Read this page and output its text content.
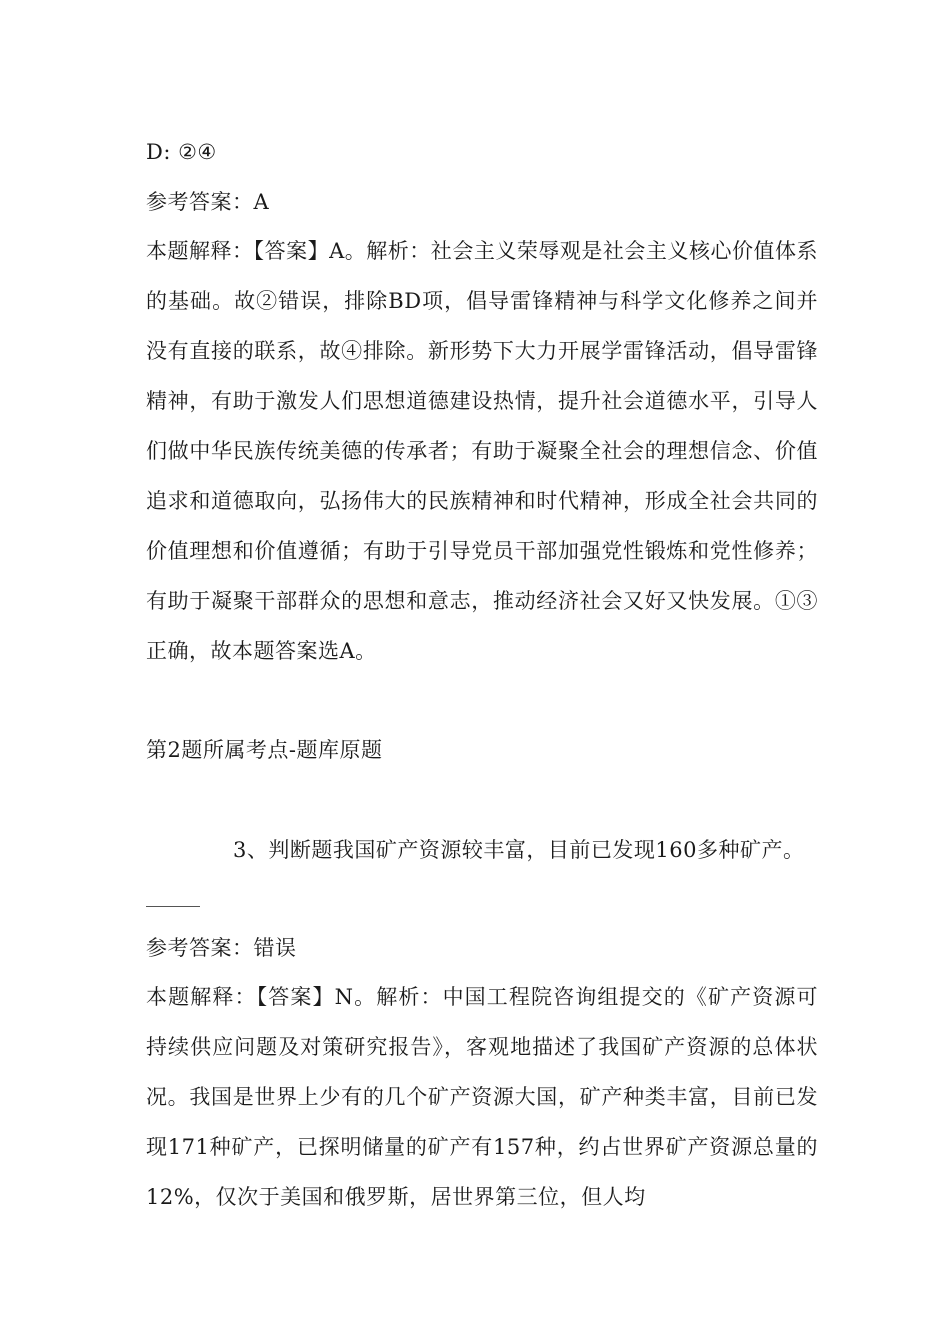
D: ②④
参考答案：A
本题解释：【答案】A。解析：社会主义荣辱观是社会主义核心价值体系的基础。故②错误，排除BD项，倡导雷锋精神与科学文化修养之间并没有直接的联系，故④排除。新形势下大力开展学雷锋活动，倡导雷锋精神，有助于激发人们思想道德建设热情，提升社会道德水平，引导人们做中华民族传统美德的传承者；有助于凝聚全社会的理想信念、价值追求和道德取向，弘扬伟大的民族精神和时代精神，形成全社会共同的价值理想和价值遵循；有助于引导党员干部加强党性锻炼和党性修养；有助于凝聚干部群众的思想和意志，推动经济社会又好又快发展。①③正确，故本题答案选A。
第2题所属考点-题库原题
3、判断题我国矿产资源较丰富，目前已发现160多种矿产。
参考答案：错误
本题解释：【答案】N。解析：中国工程院咨询组提交的《矿产资源可持续供应问题及对策研究报告》，客观地描述了我国矿产资源的总体状况。我国是世界上少有的几个矿产资源大国，矿产种类丰富，目前已发现171种矿产，已探明储量的矿产有157种，约占世界矿产资源总量的12%，仅次于美国和俄罗斯，居世界第三位，但人均
